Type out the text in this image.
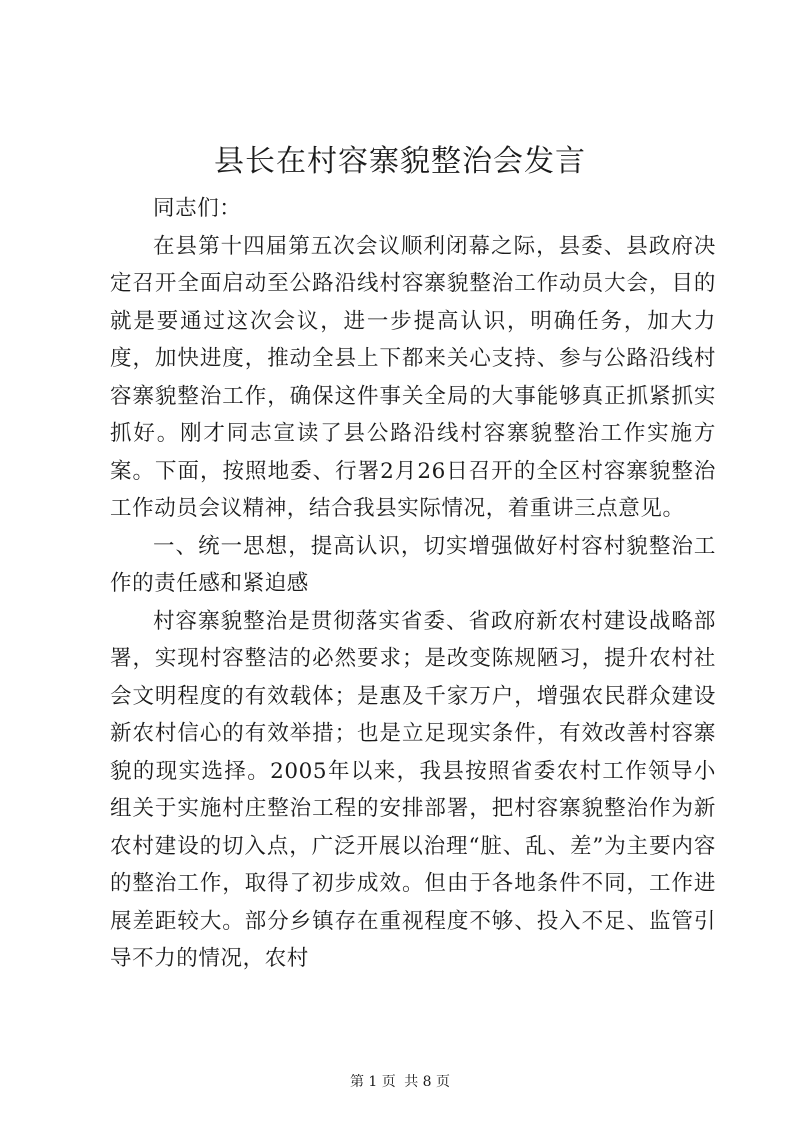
县长在村容寨貌整治会发言

同志们：

在县第十四届第五次会议顺利闭幕之际，县委、县政府决定召开全面启动至公路沿线村容寨貌整治工作动员大会，目的就是要通过这次会议，进一步提高认识，明确任务，加大力度，加快进度，推动全县上下都来关心支持、参与公路沿线村容寨貌整治工作，确保这件事关全局的大事能够真正抓紧抓实抓好。刚才同志宣读了县公路沿线村容寨貌整治工作实施方案。下面，按照地委、行署2月26日召开的全区村容寨貌整治工作动员会议精神，结合我县实际情况，着重讲三点意见。

一、统一思想，提高认识，切实增强做好村容村貌整治工作的责任感和紧迫感

村容寨貌整治是贯彻落实省委、省政府新农村建设战略部署，实现村容整洁的必然要求；是改变陈规陋习，提升农村社会文明程度的有效载体；是惠及千家万户，增强农民群众建设新农村信心的有效举措；也是立足现实条件，有效改善村容寨貌的现实选择。2005年以来，我县按照省委农村工作领导小组关于实施村庄整治工程的安排部署，把村容寨貌整治作为新农村建设的切入点，广泛开展以治理“脏、乱、差”为主要内容的整治工作，取得了初步成效。但由于各地条件不同，工作进展差距较大。部分乡镇存在重视程度不够、投入不足、监管引导不力的情况，农村

第 1 页 共 8 页
